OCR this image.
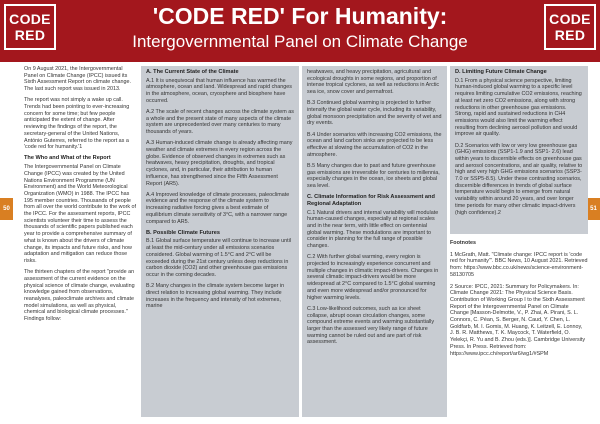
CODE
RED
'CODE RED' For Humanity:
Intergovernmental Panel on Climate Change
CODE
RED
50	51

On 9 August 2021, the Intergovernmental Panel on Climate Change (IPCC) issued its Sixth Assessment Report on climate change. The last such report was issued in 2013.

The report was not simply a wake up call. Trends had been pointing to ever-increasing concern for some time; but few people anticipated the extent of change. After reviewing the findings of the report, the secretary-general of the United Nations, António Guterres, referred to the report as a 'code red for humanity.'1

The Who and What of the Report

The Intergovernmental Panel on Climate Change (IPCC) was created by the United Nations Environment Programme (UN Environment) and the World Meteorological Organization (WMO) in 1988. The IPCC has 195 member countries. Thousands of people from all over the world contribute to the work of the IPCC. For the assessment reports, IPCC scientists volunteer their time to assess the thousands of scientific papers published each year to provide a comprehensive summary of what is known about the drivers of climate change, its impacts and future risks, and how adaptation and mitigation can reduce those risks.

The thirteen chapters of the report "provide an assessment of the current evidence on the physical science of climate change, evaluating knowledge gained from observations, reanalyses, paleoclimate archives and climate model simulations, as well as physical, chemical and biological climate processes." Findings follow:

A. The Current State of the Climate

A.1 It is unequivocal that human influence has warmed the atmosphere, ocean and land. Widespread and rapid changes in the atmosphere, ocean, cryosphere and biosphere have occurred.

A.2 The scale of recent changes across the climate system as a whole and the present state of many aspects of the climate system are unprecedented over many centuries to many thousands of years.

A.3 Human-induced climate change is already affecting many weather and climate extremes in every region across the globe. Evidence of observed changes in extremes such as heatwaves, heavy precipitation, droughts, and tropical cyclones, and, in particular, their attribution to human influence, has strengthened since the Fifth Assessment Report (AR5).

A.4 Improved knowledge of climate processes, paleoclimate evidence and the response of the climate system to increasing radiative forcing gives a best estimate of equilibrium climate sensitivity of 3°C, with a narrower range compared to AR5.

B. Possible Climate Futures

B.1 Global surface temperature will continue to increase until at least the mid-century under all emissions scenarios considered. Global warming of 1.5°C and 2°C will be exceeded during the 21st century unless deep reductions in carbon dioxide (CO2) and other greenhouse gas emissions occur in the coming decades.

B.2 Many changes in the climate system become larger in direct relation to increasing global warming. They include increases in the frequency and intensity of hot extremes, marine

heatwaves, and heavy precipitation, agricultural and ecological droughts in some regions, and proportion of intense tropical cyclones, as well as reductions in Arctic sea ice, snow cover and permafrost.

B.3 Continued global warming is projected to further intensify the global water cycle, including its variability, global monsoon precipitation and the severity of wet and dry events.

B.4 Under scenarios with increasing CO2 emissions, the ocean and land carbon sinks are projected to be less effective at slowing the accumulation of CO2 in the atmosphere.

B.5 Many changes due to past and future greenhouse gas emissions are irreversible for centuries to millennia, especially changes in the ocean, ice sheets and global sea level.

C. Climate Information for Risk Assessment and Regional Adaptation

C.1 Natural drivers and internal variability will modulate human-caused changes, especially at regional scales and in the near term, with little effect on centennial global warming. These modulations are important to consider in planning for the full range of possible changes.

C.2 With further global warming, every region is projected to increasingly experience concurrent and multiple changes in climatic impact-drivers. Changes in several climatic impact-drivers would be more widespread at 2°C compared to 1.5°C global warming and even more widespread and/or pronounced for higher warming levels.

C.3 Low-likelihood outcomes, such as ice sheet collapse, abrupt ocean circulation changes, some compound extreme events and warming substantially larger than the assessed very likely range of future warming cannot be ruled out and are part of risk assessment.

D. Limiting Future Climate Change

D.1 From a physical science perspective, limiting human-induced global warming to a specific level requires limiting cumulative CO2 emissions, reaching at least net zero CO2 emissions, along with strong reductions in other greenhouse gas emissions. Strong, rapid and sustained reductions in CH4 emissions would also limit the warming effect resulting from declining aerosol pollution and would improve air quality.

D.2 Scenarios with low or very low greenhouse gas (GHG) emissions (SSP1-1.9 and SSP1- 2.6) lead within years to discernible effects on greenhouse gas and aerosol concentrations, and air quality, relative to high and very high GHG emissions scenarios (SSP3-7.0 or SSP5-8.5). Under these contrasting scenarios, discernible differences in trends of global surface temperature would begin to emerge from natural variability within around 20 years, and over longer time periods for many other climatic impact-drivers (high confidence).2

Footnotes

1 McGrath, Matt. "Climate change: IPCC report is 'code red for humanity'". BBC News, 10 August 2021. Retrieved from: https://www.bbc.co.uk/news/science-environment-58130705

2 Source: IPCC, 2021: Summary for Policymakers. In: Climate Change 2021: The Physical Science Basis. Contribution of Working Group I to the Sixth Assessment Report of the Intergovernmental Panel on Climate Change [Masson-Delmotte, V., P. Zhai, A. Pirani, S. L. Connors, C. Péan, S. Berger, N. Caud, Y. Chen, L. Goldfarb, M. I. Gomis, M. Huang, K. Leitzell, E. Lonnoy, J. B. R. Matthews, T. K. Maycock, T. Waterfield, O. Yelekçi, R. Yu and B. Zhou (eds.)]. Cambridge University Press. In Press. Retrieved from: https://www.ipcc.ch/report/ar6/wg1/#SPM
